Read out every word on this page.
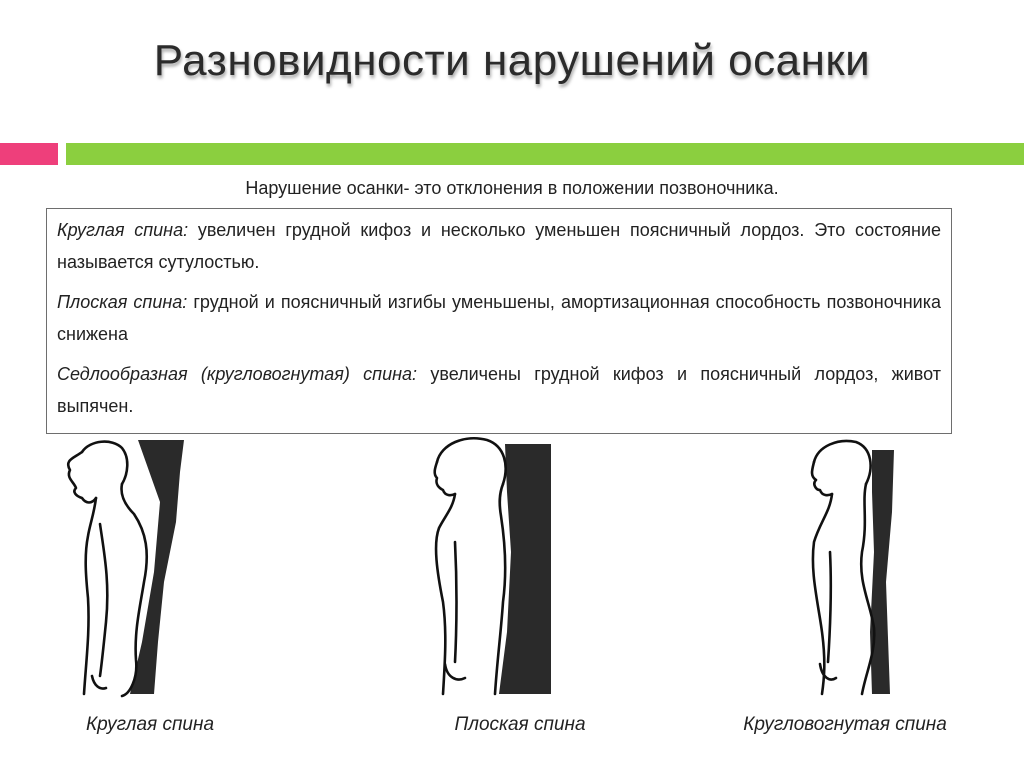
Разновидности нарушений осанки
Нарушение осанки- это отклонения в положении позвоночника.

Круглая спина: увеличен грудной кифоз и несколько уменьшен поясничный лордоз. Это состояние называется сутулостью.

Плоская спина: грудной и поясничный изгибы уменьшены, амортизационная способность позвоночника снижена

Седлообразная (кругловогнутая) спина: увеличены грудной кифоз и поясничный лордоз, живот выпячен.

Круглая спина	Плоская спина	Кругловогнутая спина
